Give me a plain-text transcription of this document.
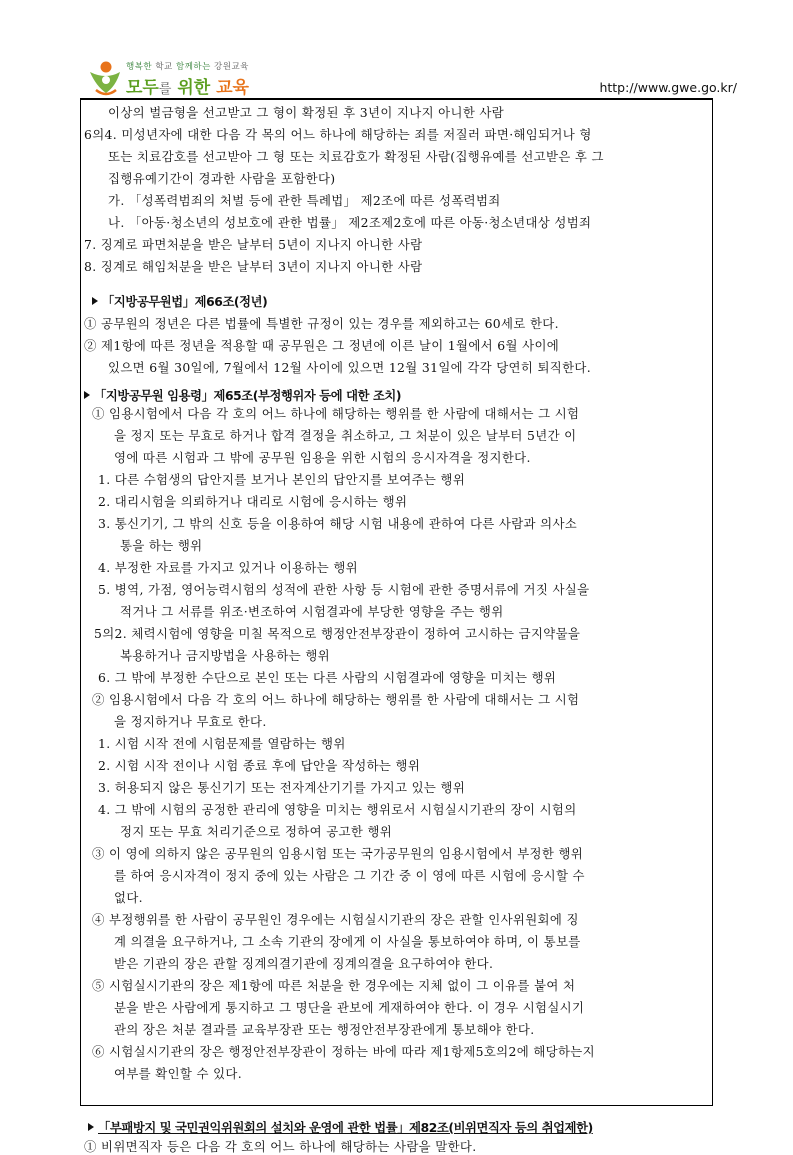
행복한 학교 함께하는 강원교육
모두를 위한 교육	http://www.gwe.go.kr/
이상의 벌금형을 선고받고 그 형이 확정된 후 3년이 지나지 아니한 사람
6의4. 미성년자에 대한 다음 각 목의 어느 하나에 해당하는 죄를 저질러 파면·해임되거나 형
또는 치료감호를 선고받아 그 형 또는 치료감호가 확정된 사람(집행유예를 선고받은 후 그
집행유예기간이 경과한 사람을 포함한다)
가. 「성폭력범죄의 처벌 등에 관한 특례법」 제2조에 따른 성폭력범죄
나. 「아동·청소년의 성보호에 관한 법률」 제2조제2호에 따른 아동·청소년대상 성범죄
7. 징계로 파면처분을 받은 날부터 5년이 지나지 아니한 사람
8. 징계로 해임처분을 받은 날부터 3년이 지나지 아니한 사람
「지방공무원법」제66조(정년)
① 공무원의 정년은 다른 법률에 특별한 규정이 있는 경우를 제외하고는 60세로 한다.
② 제1항에 따른 정년을 적용할 때 공무원은 그 정년에 이른 날이 1월에서 6월 사이에
있으면 6월 30일에, 7월에서 12월 사이에 있으면 12월 31일에 각각 당연히 퇴직한다.
「지방공무원 임용령」제65조(부정행위자 등에 대한 조치)
① 임용시험에서 다음 각 호의 어느 하나에 해당하는 행위를 한 사람에 대해서는 그 시험
을 정지 또는 무효로 하거나 합격 결정을 취소하고, 그 처분이 있은 날부터 5년간 이
영에 따른 시험과 그 밖에 공무원 임용을 위한 시험의 응시자격을 정지한다.
1. 다른 수험생의 답안지를 보거나 본인의 답안지를 보여주는 행위
2. 대리시험을 의뢰하거나 대리로 시험에 응시하는 행위
3. 통신기기, 그 밖의 신호 등을 이용하여 해당 시험 내용에 관하여 다른 사람과 의사소
통을 하는 행위
4. 부정한 자료를 가지고 있거나 이용하는 행위
5. 병역, 가점, 영어능력시험의 성적에 관한 사항 등 시험에 관한 증명서류에 거짓 사실을
적거나 그 서류를 위조·변조하여 시험결과에 부당한 영향을 주는 행위
5의2. 체력시험에 영향을 미칠 목적으로 행정안전부장관이 정하여 고시하는 금지약물을
복용하거나 금지방법을 사용하는 행위
6. 그 밖에 부정한 수단으로 본인 또는 다른 사람의 시험결과에 영향을 미치는 행위
② 임용시험에서 다음 각 호의 어느 하나에 해당하는 행위를 한 사람에 대해서는 그 시험
을 정지하거나 무효로 한다.
1. 시험 시작 전에 시험문제를 열람하는 행위
2. 시험 시작 전이나 시험 종료 후에 답안을 작성하는 행위
3. 허용되지 않은 통신기기 또는 전자계산기기를 가지고 있는 행위
4. 그 밖에 시험의 공정한 관리에 영향을 미치는 행위로서 시험실시기관의 장이 시험의
정지 또는 무효 처리기준으로 정하여 공고한 행위
③ 이 영에 의하지 않은 공무원의 임용시험 또는 국가공무원의 임용시험에서 부정한 행위
를 하여 응시자격이 정지 중에 있는 사람은 그 기간 중 이 영에 따른 시험에 응시할 수
없다.
④ 부정행위를 한 사람이 공무원인 경우에는 시험실시기관의 장은 관할 인사위원회에 징
계 의결을 요구하거나, 그 소속 기관의 장에게 이 사실을 통보하여야 하며, 이 통보를
받은 기관의 장은 관할 징계의결기관에 징계의결을 요구하여야 한다.
⑤ 시험실시기관의 장은 제1항에 따른 처분을 한 경우에는 지체 없이 그 이유를 붙여 처
분을 받은 사람에게 통지하고 그 명단을 관보에 게재하여야 한다. 이 경우 시험실시기
관의 장은 처분 결과를 교육부장관 또는 행정안전부장관에게 통보해야 한다.
⑥ 시험실시기관의 장은 행정안전부장관이 정하는 바에 따라 제1항제5호의2에 해당하는지
여부를 확인할 수 있다.
「부패방지 및 국민권익위원회의 설치와 운영에 관한 법률」제82조(비위면직자 등의 취업제한)
① 비위면직자 등은 다음 각 호의 어느 하나에 해당하는 사람을 말한다.
